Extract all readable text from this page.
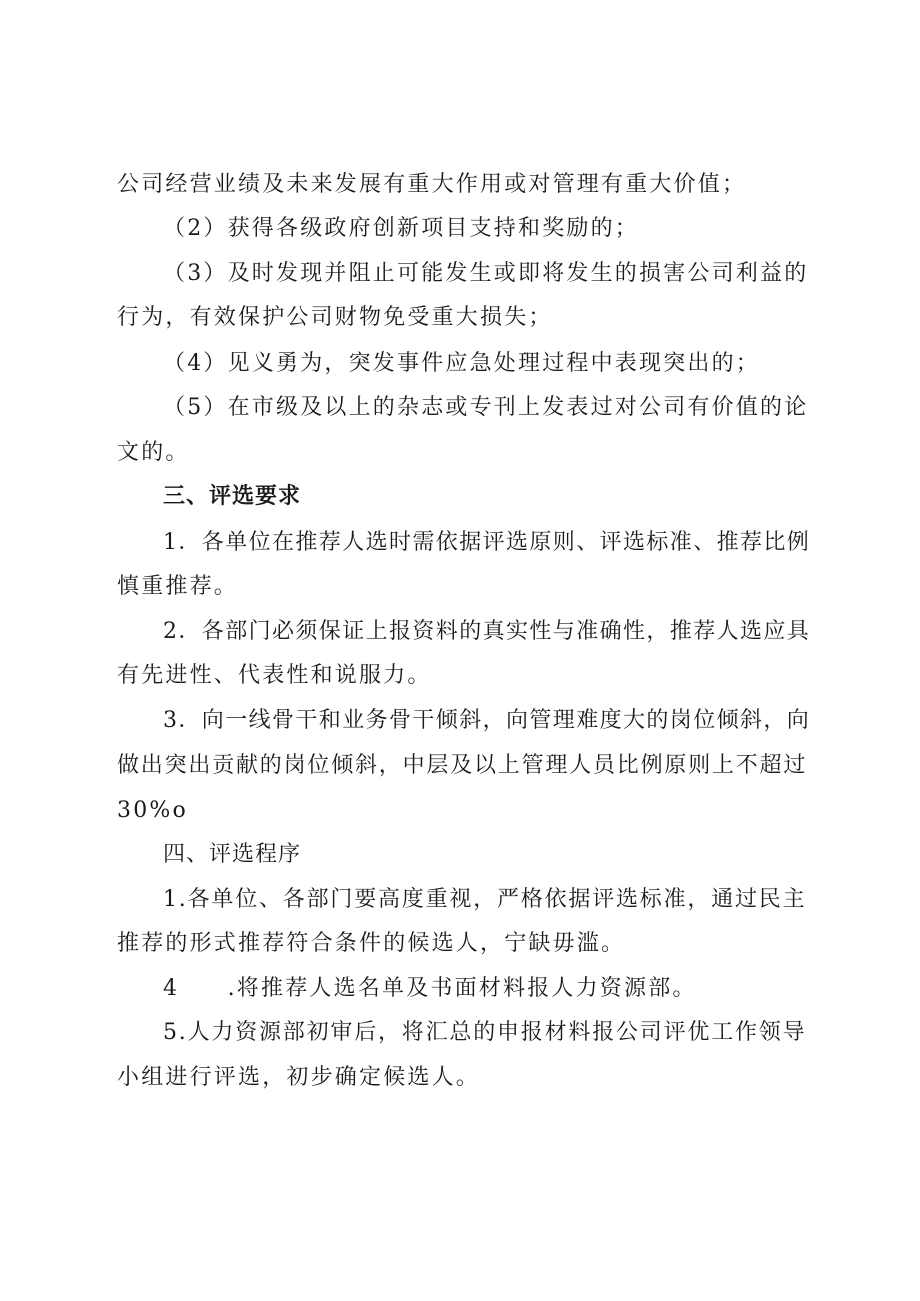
公司经营业绩及未来发展有重大作用或对管理有重大价值；
（2）获得各级政府创新项目支持和奖励的；
（3）及时发现并阻止可能发生或即将发生的损害公司利益的
行为，有效保护公司财物免受重大损失；
（4）见义勇为，突发事件应急处理过程中表现突出的；
（5）在市级及以上的杂志或专刊上发表过对公司有价值的论
文的。
三、评选要求
1．各单位在推荐人选时需依据评选原则、评选标准、推荐比例
慎重推荐。
2．各部门必须保证上报资料的真实性与准确性，推荐人选应具
有先进性、代表性和说服力。
3．向一线骨干和业务骨干倾斜，向管理难度大的岗位倾斜，向
做出突出贡献的岗位倾斜，中层及以上管理人员比例原则上不超过
30%o
四、评选程序
1.各单位、各部门要高度重视，严格依据评选标准，通过民主
推荐的形式推荐符合条件的候选人，宁缺毋滥。
4　　.将推荐人选名单及书面材料报人力资源部。
5.人力资源部初审后，将汇总的申报材料报公司评优工作领导
小组进行评选，初步确定候选人。
